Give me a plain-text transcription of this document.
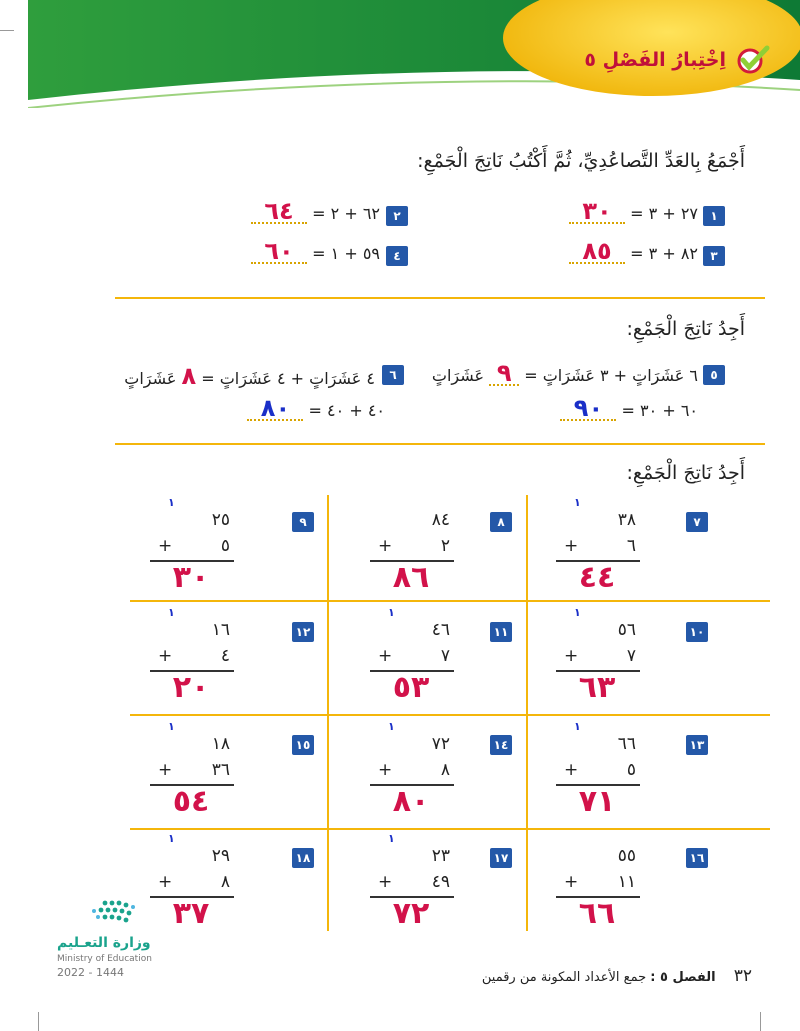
اِخْتِبارُ الفَصْلِ ٥
أَجْمَعُ بِالعَدِّ التَّصاعُدِيِّ، ثُمَّ أَكْتُبُ نَاتِجَ الْجَمْعِ:
١
٢٧ + ٣ = ٣٠
٢
٦٢ + ٢ = ٦٤
٣
٨٢ + ٣ = ٨٥
٤
٥٩ + ١ = ٦٠
أَجِدُ نَاتِجَ الْجَمْعِ:
٥
٦ عَشَرَاتٍ + ٣ عَشَرَاتٍ = ٩ عَشَرَاتٍ
٦٠ + ٣٠ = ٩٠
٦
٤ عَشَرَاتٍ + ٤ عَشَرَاتٍ = ٨ عَشَرَاتٍ
٤٠ + ٤٠ = ٨٠
أَجِدُ نَاتِجَ الْجَمْعِ:
٧
١
٣٨
٦
+
٤٤
٨
٨٤
٢
+
٨٦
٩
١
٢٥
٥
+
٣٠
١٠
١
٥٦
٧
+
٦٣
١١
١
٤٦
٧
+
٥٣
١٢
١
١٦
٤
+
٢٠
١٣
١
٦٦
٥
+
٧١
١٤
١
٧٢
٨
+
٨٠
١٥
١
١٨
٣٦
+
٥٤
١٦
٥٥
١١
+
٦٦
١٧
١
٢٣
٤٩
+
٧٢
١٨
١
٢٩
٨
+
٣٧
وزارة التعـليم
Ministry of Education
2022 - 1444	٣٢ الفصل ٥ : جمع الأعداد المكونة من رقمين
